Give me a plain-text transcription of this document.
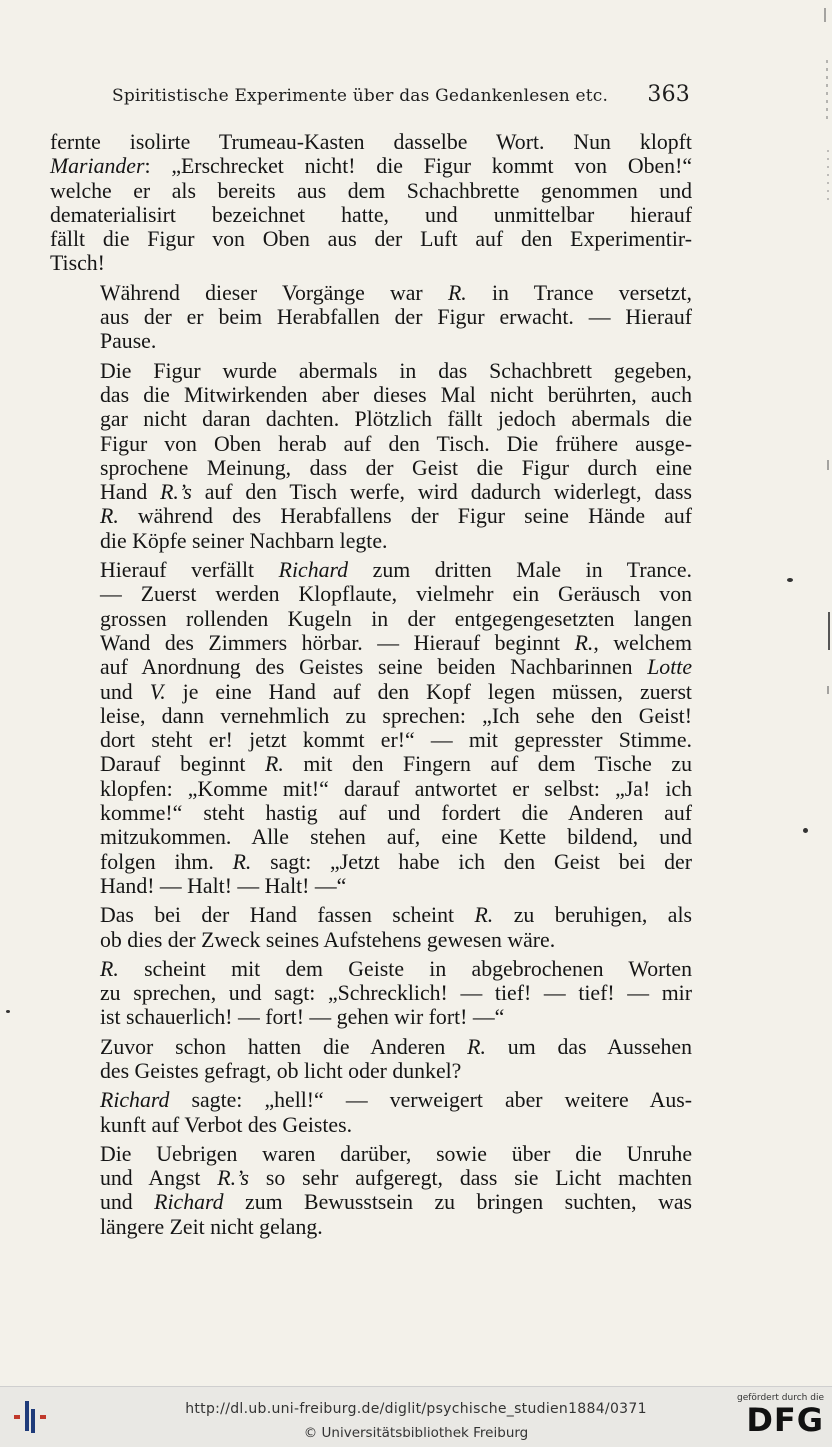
Spiritistische Experimente über das Gedankenlesen etc. 363
fernte isolirte Trumeau-Kasten dasselbe Wort. Nun klopft
Mariander: „Erschrecket nicht! die Figur kommt von Oben!“
welche er als bereits aus dem Schachbrette genommen und
dematerialisirt bezeichnet hatte, und unmittelbar hierauf
fällt die Figur von Oben aus der Luft auf den Experimentir-
Tisch!
Während dieser Vorgänge war R. in Trance versetzt,
aus der er beim Herabfallen der Figur erwacht. — Hierauf
Pause.
Die Figur wurde abermals in das Schachbrett gegeben,
das die Mitwirkenden aber dieses Mal nicht berührten, auch
gar nicht daran dachten. Plötzlich fällt jedoch abermals die
Figur von Oben herab auf den Tisch. Die frühere ausge-
sprochene Meinung, dass der Geist die Figur durch eine
Hand R.’s auf den Tisch werfe, wird dadurch widerlegt, dass
R. während des Herabfallens der Figur seine Hände auf
die Köpfe seiner Nachbarn legte.
Hierauf verfällt Richard zum dritten Male in Trance.
— Zuerst werden Klopflaute, vielmehr ein Geräusch von
grossen rollenden Kugeln in der entgegengesetzten langen
Wand des Zimmers hörbar. — Hierauf beginnt R., welchem
auf Anordnung des Geistes seine beiden Nachbarinnen Lotte
und V. je eine Hand auf den Kopf legen müssen, zuerst
leise, dann vernehmlich zu sprechen: „Ich sehe den Geist!
dort steht er! jetzt kommt er!“ — mit gepresster Stimme.
Darauf beginnt R. mit den Fingern auf dem Tische zu
klopfen: „Komme mit!“ darauf antwortet er selbst: „Ja! ich
komme!“ steht hastig auf und fordert die Anderen auf
mitzukommen. Alle stehen auf, eine Kette bildend, und
folgen ihm. R. sagt: „Jetzt habe ich den Geist bei der
Hand! — Halt! — Halt! —“
Das bei der Hand fassen scheint R. zu beruhigen, als
ob dies der Zweck seines Aufstehens gewesen wäre.
R. scheint mit dem Geiste in abgebrochenen Worten
zu sprechen, und sagt: „Schrecklich! — tief! — tief! — mir
ist schauerlich! — fort! — gehen wir fort! —“
Zuvor schon hatten die Anderen R. um das Aussehen
des Geistes gefragt, ob licht oder dunkel?
Richard sagte: „hell!“ — verweigert aber weitere Aus-
kunft auf Verbot des Geistes.
Die Uebrigen waren darüber, sowie über die Unruhe
und Angst R.’s so sehr aufgeregt, dass sie Licht machten
und Richard zum Bewusstsein zu bringen suchten, was
längere Zeit nicht gelang.
http://dl.ub.uni-freiburg.de/diglit/psychische_studien1884/0371
© Universitätsbibliothek Freiburg
gefördert durch die
DFG
